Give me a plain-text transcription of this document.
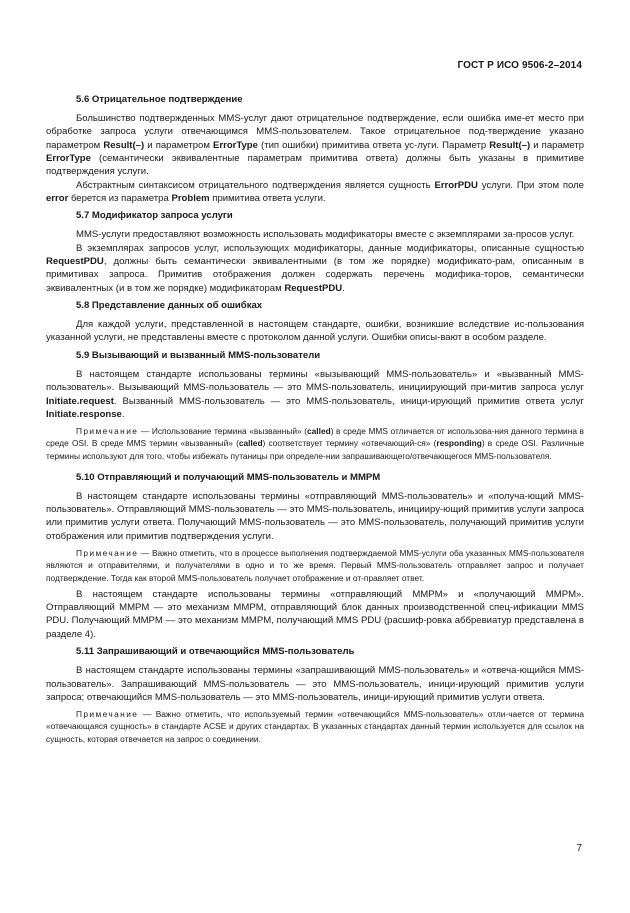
ГОСТ Р ИСО 9506-2–2014
5.6 Отрицательное подтверждение

Большинство подтвержденных MMS-услуг дают отрицательное подтверждение, если ошибка име-ет место при обработке запроса услуги отвечающимся MMS-пользователем. Такое отрицательное под-тверждение указано параметром Result(–) и параметром ErrorType (тип ошибки) примитива ответа ус-луги. Параметр Result(–) и параметр ErrorType (семантически эквивалентные параметрам примитива ответа) должны быть указаны в примитиве подтверждения услуги.

Абстрактным синтаксисом отрицательного подтверждения является сущность ErrorPDU услуги. При этом поле error берется из параметра Problem примитива ответа услуги.

5.7 Модификатор запроса услуги

MMS-услуги предоставляют возможность использовать модификаторы вместе с экземплярами за-просов услуг.

В экземплярах запросов услуг, использующих модификаторы, данные модификаторы, описанные сущностью RequestPDU, должны быть семантически эквивалентными (в том же порядке) модификато-рам, описанным в примитивах запроса. Примитив отображения должен содержать перечень модифика-торов, семантически эквивалентных (и в том же порядке) модификаторам RequestPDU.

5.8 Представление данных об ошибках

Для каждой услуги, представленной в настоящем стандарте, ошибки, возникшие вследствие ис-пользования указанной услуги, не представлены вместе с протоколом данной услуги. Ошибки описы-вают в особом разделе.

5.9 Вызывающий и вызванный MMS-пользователи

В настоящем стандарте использованы термины «вызывающий MMS-пользователь» и «вызванный MMS-пользователь». Вызывающий MMS-пользователь — это MMS-пользователь, инициирующий при-митив запроса услуг Initiate.request. Вызванный MMS-пользователь — это MMS-пользователь, иници-ирующий примитив ответа услуг Initiate.response.

Примечание — Использование термина «вызванный» (called) в среде MMS отличается от использова-ния данного термина в среде OSI. В среде MMS термин «вызванный» (called) соответствует термину «отвечающий-ся» (responding) в среде OSI. Различные термины используют для того, чтобы избежать путаницы при определе-нии запрашивающего/отвечающегося MMS-пользователя.

5.10 Отправляющий и получающий MMS-пользователь и MMPM

В настоящем стандарте использованы термины «отправляющий MMS-пользователь» и «получа-ющий MMS-пользователь». Отправляющий MMS-пользователь — это MMS-пользователь, иницииру-ющий примитив услуги запроса или примитив услуги ответа. Получающий MMS-пользователь — это MMS-пользователь, получающий примитив услуги отображения или примитив подтверждения услуги.

Примечание — Важно отметить, что в процессе выполнения подтверждаемой MMS-услуги оба указанных MMS-пользователя являются и отправителями, и получателями в одно и то же время. Первый MMS-пользователь отправляет запрос и получает подтверждение. Тогда как второй MMS-пользователь получает отображение и от-правляет ответ.

В настоящем стандарте использованы термины «отправляющий MMPM» и «получающий MMPM». Отправляющий MMPM — это механизм MMPM, отправляющий блок данных производственной спец-ификации MMS PDU. Получающий MMPM — это механизм MMPM, получающий MMS PDU (расшиф-ровка аббревиатур представлена в разделе 4).

5.11 Запрашивающий и отвечающийся MMS-пользователь

В настоящем стандарте использованы термины «запрашивающий MMS-пользователь» и «отвеча-ющийся MMS-пользователь». Запрашивающий MMS-пользователь — это MMS-пользователь, иници-ирующий примитив услуги запроса; отвечающийся MMS-пользователь — это MMS-пользователь, иници-ирующий примитив услуги ответа.

Примечание — Важно отметить, что используемый термин «отвечающийся MMS-пользователь» отли-чается от термина «отвечающаяся сущность» в стандарте ACSE и других стандартах. В указанных стандартах данный термин используется для ссылок на сущность, которая отвечается на запрос о соединении.

7
